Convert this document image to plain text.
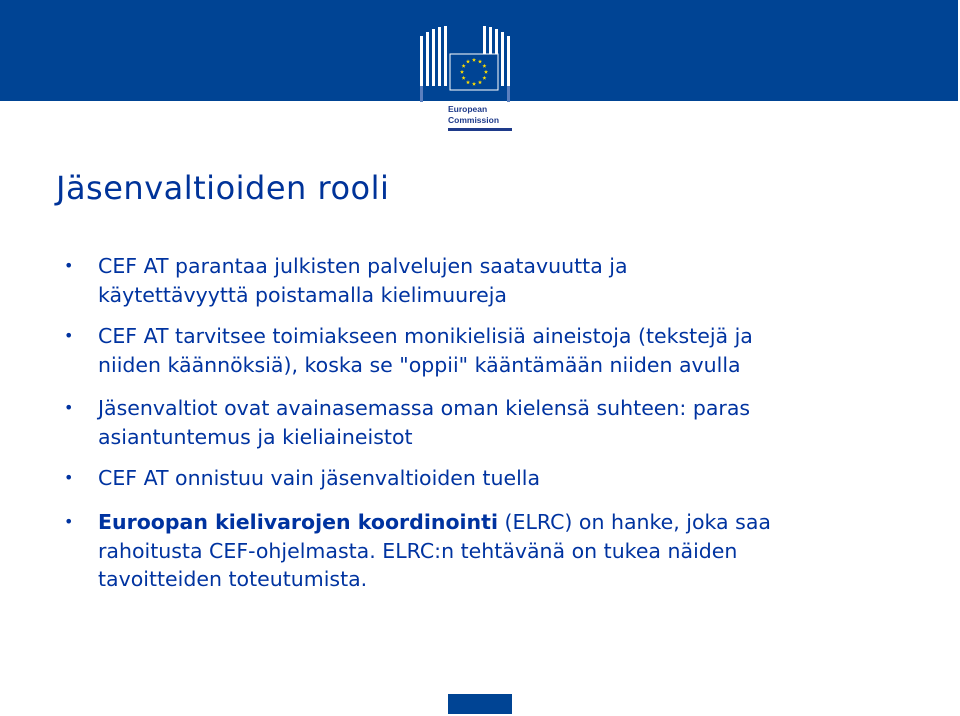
European
Commission
Jäsenvaltioiden rooli
• CEF AT parantaa julkisten palvelujen saatavuutta ja
käytettävyyttä poistamalla kielimuureja
• CEF AT tarvitsee toimiakseen monikielisiä aineistoja (tekstejä ja
niiden käännöksiä), koska se "oppii" kääntämään niiden avulla
• Jäsenvaltiot ovat avainasemassa oman kielensä suhteen: paras
asiantuntemus ja kieliaineistot
• CEF AT onnistuu vain jäsenvaltioiden tuella
• Euroopan kielivarojen koordinointi (ELRC) on hanke, joka saa
rahoitusta CEF-ohjelmasta. ELRC:n tehtävänä on tukea näiden
tavoitteiden toteutumista.
